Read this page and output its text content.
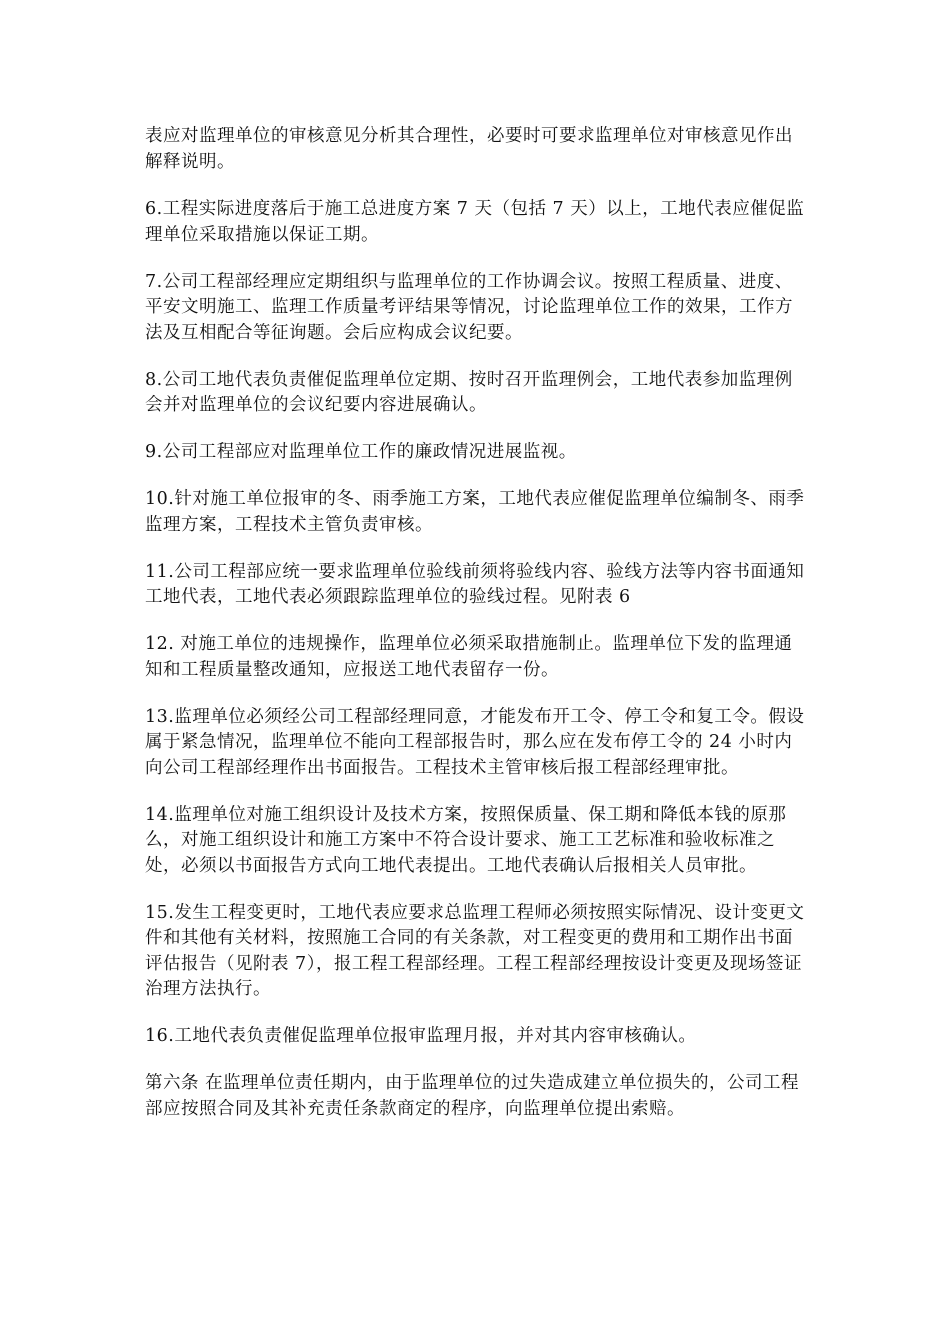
表应对监理单位的审核意见分析其合理性，必要时可要求监理单位对审核意见作出解释说明。

6.工程实际进度落后于施工总进度方案 7 天（包括 7 天）以上，工地代表应催促监理单位采取措施以保证工期。

7.公司工程部经理应定期组织与监理单位的工作协调会议。按照工程质量、进度、平安文明施工、监理工作质量考评结果等情况，讨论监理单位工作的效果，工作方法及互相配合等征询题。会后应构成会议纪要。

8.公司工地代表负责催促监理单位定期、按时召开监理例会，工地代表参加监理例会并对监理单位的会议纪要内容进展确认。

9.公司工程部应对监理单位工作的廉政情况进展监视。

10.针对施工单位报审的冬、雨季施工方案，工地代表应催促监理单位编制冬、雨季监理方案，工程技术主管负责审核。

11.公司工程部应统一要求监理单位验线前须将验线内容、验线方法等内容书面通知工地代表，工地代表必须跟踪监理单位的验线过程。见附表 6

12. 对施工单位的违规操作，监理单位必须采取措施制止。监理单位下发的监理通知和工程质量整改通知，应报送工地代表留存一份。

13.监理单位必须经公司工程部经理同意，才能发布开工令、停工令和复工令。假设属于紧急情况，监理单位不能向工程部报告时，那么应在发布停工令的 24 小时内向公司工程部经理作出书面报告。工程技术主管审核后报工程部经理审批。

14.监理单位对施工组织设计及技术方案，按照保质量、保工期和降低本钱的原那么，对施工组织设计和施工方案中不符合设计要求、施工工艺标准和验收标准之处，必须以书面报告方式向工地代表提出。工地代表确认后报相关人员审批。

15.发生工程变更时，工地代表应要求总监理工程师必须按照实际情况、设计变更文件和其他有关材料，按照施工合同的有关条款，对工程变更的费用和工期作出书面评估报告（见附表 7），报工程工程部经理。工程工程部经理按设计变更及现场签证治理方法执行。

16.工地代表负责催促监理单位报审监理月报，并对其内容审核确认。

第六条 在监理单位责任期内，由于监理单位的过失造成建立单位损失的，公司工程部应按照合同及其补充责任条款商定的程序，向监理单位提出索赔。
